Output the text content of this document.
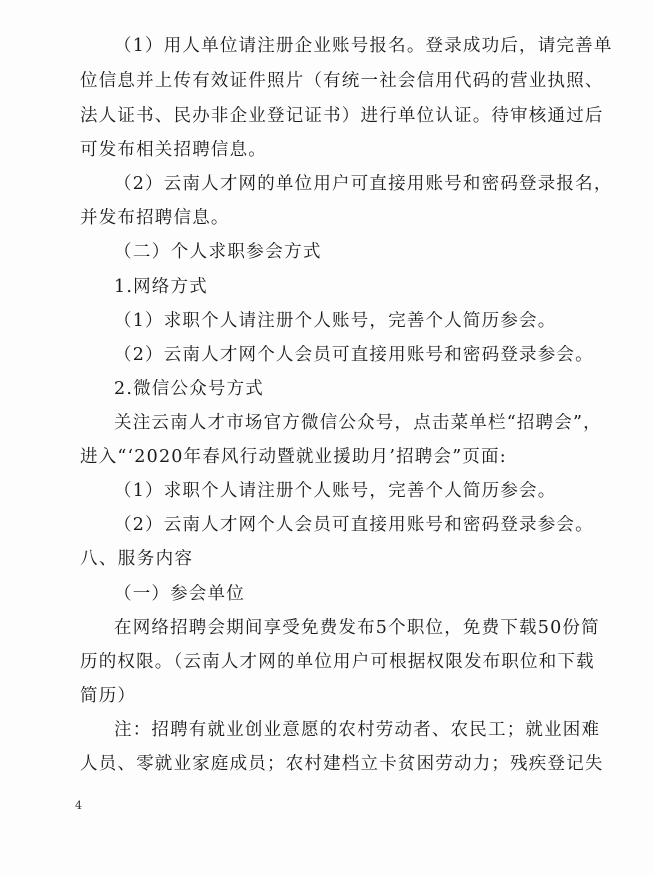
（1）用人单位请注册企业账号报名。登录成功后，请完善单
位信息并上传有效证件照片（有统一社会信用代码的营业执照、
法人证书、民办非企业登记证书）进行单位认证。待审核通过后
可发布相关招聘信息。
（2）云南人才网的单位用户可直接用账号和密码登录报名，
并发布招聘信息。
（二）个人求职参会方式
1.网络方式
（1）求职个人请注册个人账号，完善个人简历参会。
（2）云南人才网个人会员可直接用账号和密码登录参会。
2.微信公众号方式
关注云南人才市场官方微信公众号，点击菜单栏“招聘会”，
进入“‘2020年春风行动暨就业援助月’招聘会”页面:
（1）求职个人请注册个人账号，完善个人简历参会。
（2）云南人才网个人会员可直接用账号和密码登录参会。
八、服务内容
（一）参会单位
在网络招聘会期间享受免费发布5个职位，免费下载50份简
历的权限。（云南人才网的单位用户可根据权限发布职位和下载
简历）
注：招聘有就业创业意愿的农村劳动者、农民工；就业困难
人员、零就业家庭成员；农村建档立卡贫困劳动力；残疾登记失
4
